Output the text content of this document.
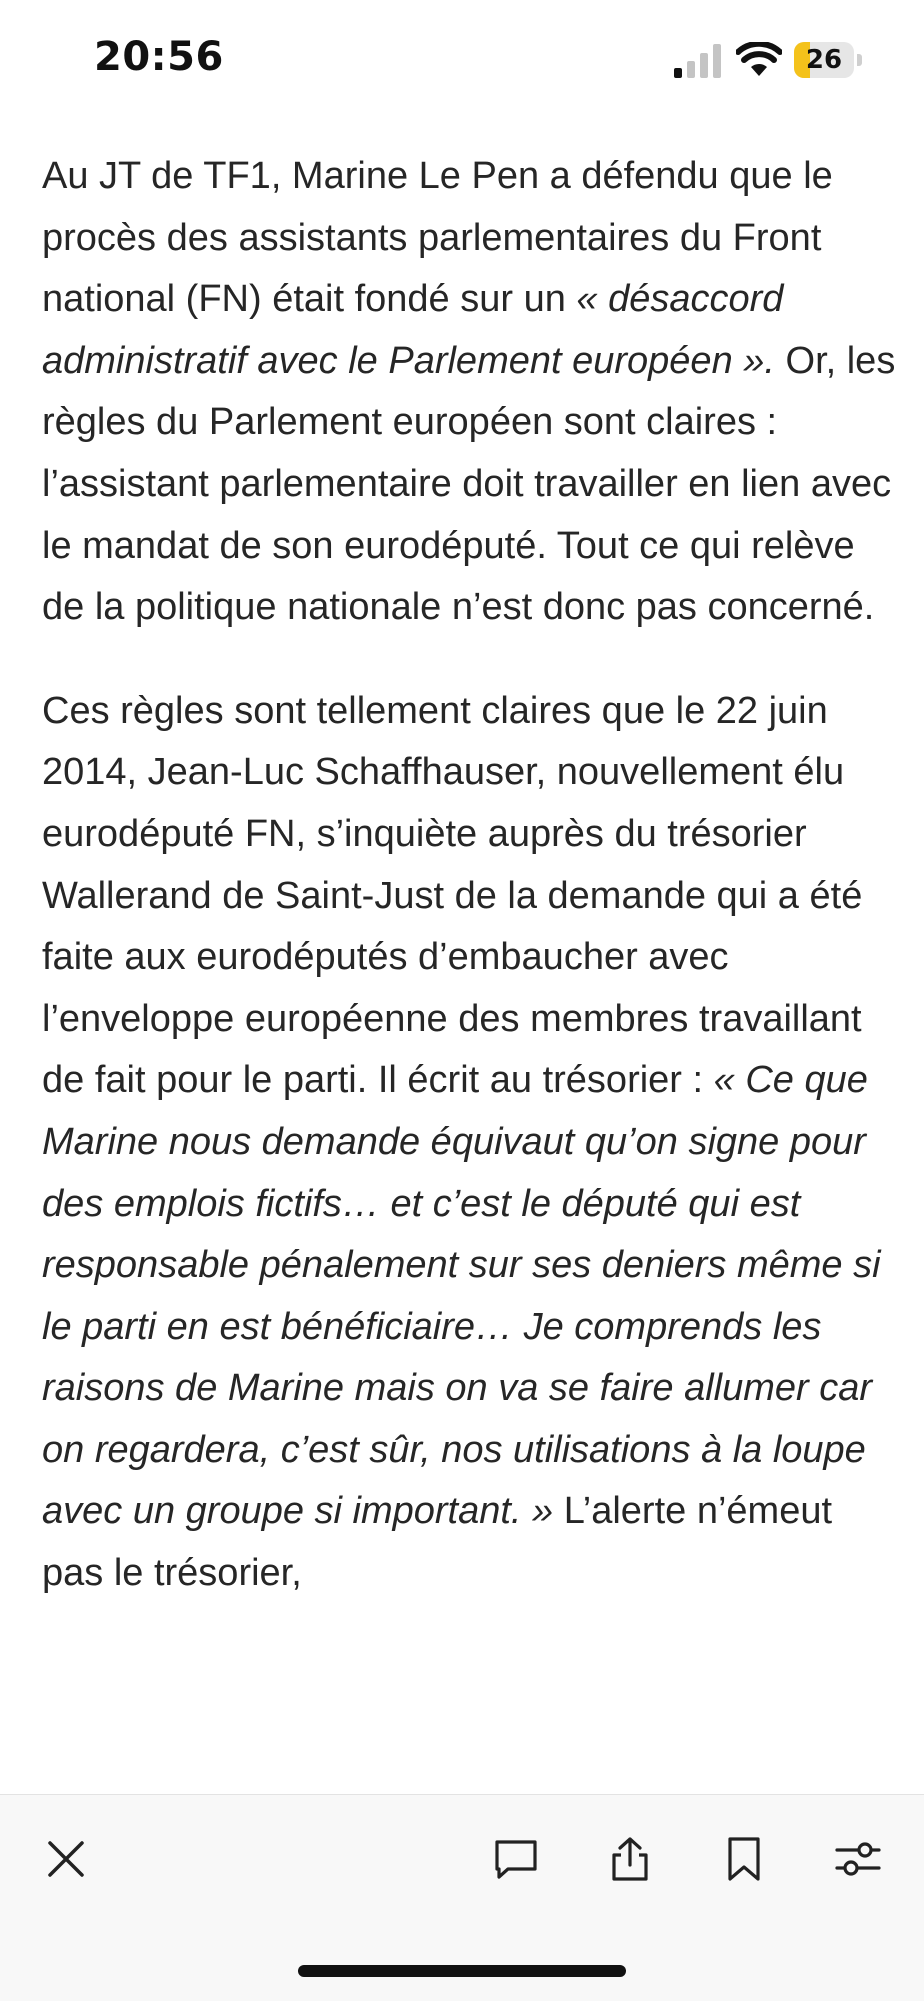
20:56	26

Au JT de TF1, Marine Le Pen a défendu que le procès des assistants parlementaires du Front national (FN) était fondé sur un « désaccord administratif avec le Parlement européen ». Or, les règles du Parlement européen sont claires : l’assistant parlementaire doit travailler en lien avec le mandat de son eurodéputé. Tout ce qui relève de la politique nationale n’est donc pas concerné.

Ces règles sont tellement claires que le 22 juin 2014, Jean-Luc Schaffhauser, nouvellement élu eurodéputé FN, s’inquiète auprès du trésorier Wallerand de Saint-Just de la demande qui a été faite aux eurodéputés d’embaucher avec l’enveloppe européenne des membres travaillant de fait pour le parti. Il écrit au trésorier : « Ce que Marine nous demande équivaut qu’on signe pour des emplois fictifs… et c’est le député qui est responsable pénalement sur ses deniers même si le parti en est bénéficiaire… Je comprends les raisons de Marine mais on va se faire allumer car on regardera, c’est sûr, nos utilisations à la loupe avec un groupe si important. » L’alerte n’émeut pas le trésorier,
